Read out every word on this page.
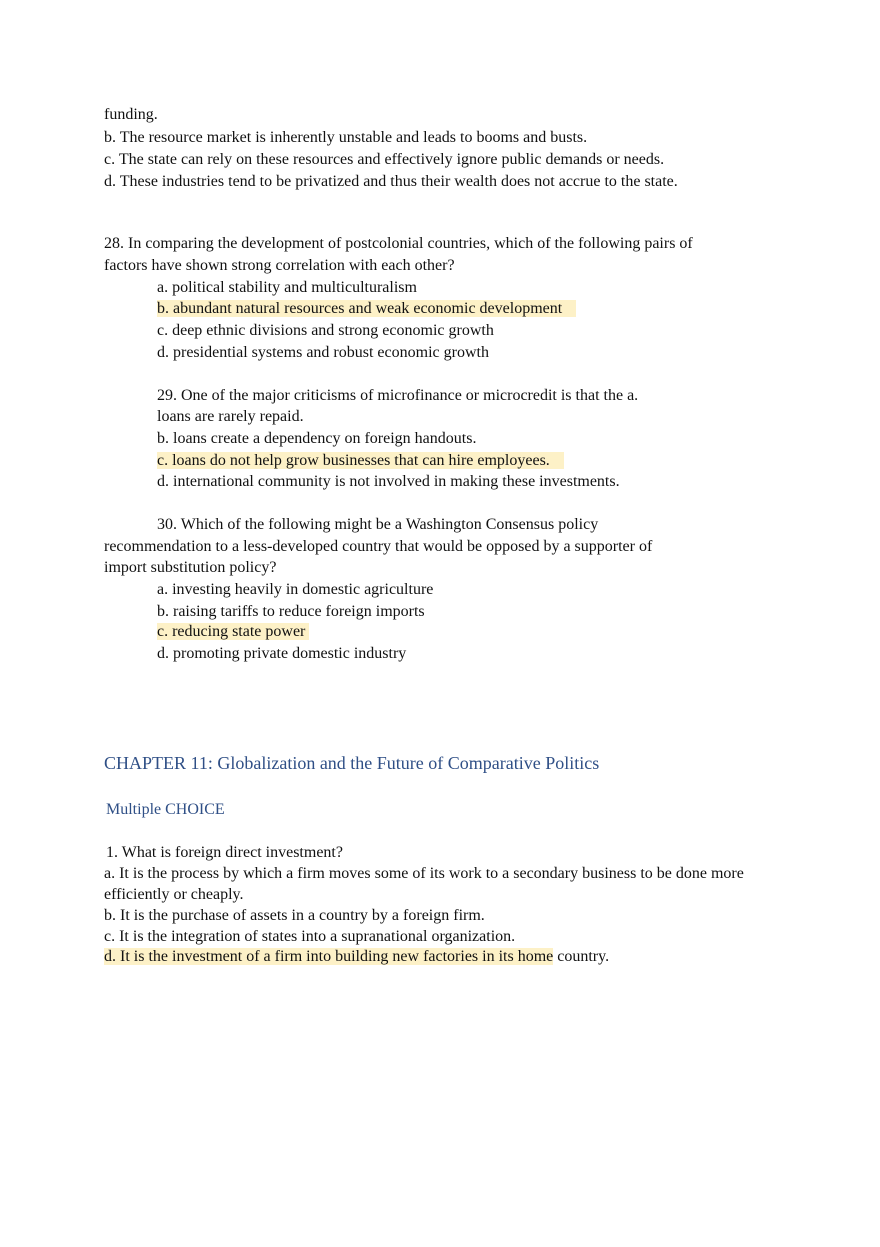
funding.
b. The resource market is inherently unstable and leads to booms and busts.
c. The state can rely on these resources and effectively ignore public demands or needs.
d. These industries tend to be privatized and thus their wealth does not accrue to the state.
28. In comparing the development of postcolonial countries, which of the following pairs of
factors have shown strong correlation with each other?
a. political stability and multiculturalism
b. abundant natural resources and weak economic development
c. deep ethnic divisions and strong economic growth
d. presidential systems and robust economic growth
29. One of the major criticisms of microfinance or microcredit is that the a.
loans are rarely repaid.
b. loans create a dependency on foreign handouts.
c. loans do not help grow businesses that can hire employees.
d. international community is not involved in making these investments.
30. Which of the following might be a Washington Consensus policy
recommendation to a less-developed country that would be opposed by a supporter of
import substitution policy?
a. investing heavily in domestic agriculture
b. raising tariffs to reduce foreign imports
c. reducing state power
d. promoting private domestic industry
CHAPTER 11: Globalization and the Future of Comparative Politics
Multiple CHOICE
1. What is foreign direct investment?
a. It is the process by which a firm moves some of its work to a secondary business to be done more
efficiently or cheaply.
b. It is the purchase of assets in a country by a foreign firm.
c. It is the integration of states into a supranational organization.
d. It is the investment of a firm into building new factories in its home country.
